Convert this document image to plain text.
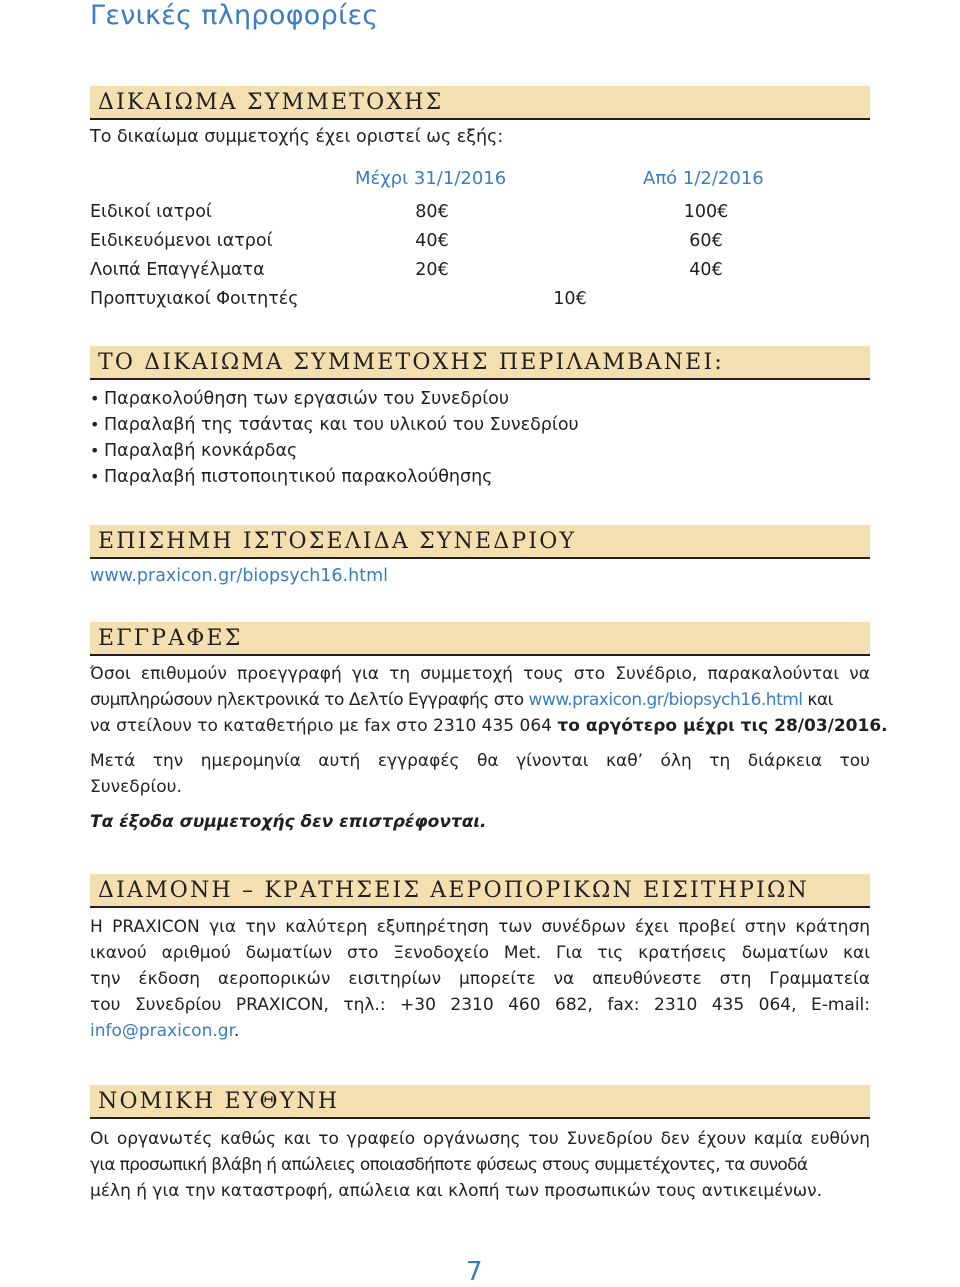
Γενικές πληροφορίες
ΔΙΚΑΙΩΜΑ ΣΥΜΜΕΤΟΧΗΣ
Το δικαίωμα συμμετοχής έχει οριστεί ως εξής:
Μέχρι 31/1/2016	Από 1/2/2016
Ειδικοί ιατροί	80€	100€
Ειδικευόμενοι ιατροί	40€	60€
Λοιπά Επαγγέλματα	20€	40€
Προπτυχιακοί Φοιτητές	10€
ΤΟ ΔΙΚΑΙΩΜΑ ΣΥΜΜΕΤΟΧΗΣ ΠΕΡΙΛΑΜΒΑΝΕΙ:
• Παρακολούθηση των εργασιών του Συνεδρίου
• Παραλαβή της τσάντας και του υλικού του Συνεδρίου
• Παραλαβή κονκάρδας
• Παραλαβή πιστοποιητικού παρακολούθησης
ΕΠΙΣΗΜΗ ΙΣΤΟΣΕΛΙΔΑ ΣΥΝΕΔΡΙΟΥ
www.praxicon.gr/biopsych16.html
ΕΓΓΡΑΦΕΣ
Όσοι επιθυμούν προεγγραφή για τη συμμετοχή τους στο Συνέδριο, παρακαλούνται να
συμπληρώσουν ηλεκτρονικά το Δελτίο Εγγραφής στο www.praxicon.gr/biopsych16.html και
να στείλουν το καταθετήριο με fax στο 2310 435 064 το αργότερο μέχρι τις 28/03/2016.
Μετά την ημερομηνία αυτή εγγραφές θα γίνονται καθ’ όλη τη διάρκεια του
Συνεδρίου.
Τα έξοδα συμμετοχής δεν επιστρέφονται.
ΔΙΑΜΟΝΗ – ΚΡΑΤΗΣΕΙΣ ΑΕΡΟΠΟΡΙΚΩΝ ΕΙΣΙΤΗΡΙΩΝ
Η PRAXICON για την καλύτερη εξυπηρέτηση των συνέδρων έχει προβεί στην κράτηση
ικανού αριθμού δωματίων στο Ξενοδοχείο Met. Για τις κρατήσεις δωματίων και
την έκδοση αεροπορικών εισιτηρίων μπορείτε να απευθύνεστε στη Γραμματεία
του Συνεδρίου PRAXICON, τηλ.: +30 2310 460 682, fax: 2310 435 064, E-mail:
info@praxicon.gr.
ΝΟΜΙΚΗ ΕΥΘΥΝΗ
Οι οργανωτές καθώς και το γραφείο οργάνωσης του Συνεδρίου δεν έχουν καμία ευθύνη
για προσωπική βλάβη ή απώλειες οποιασδήποτε φύσεως στους συμμετέχοντες, τα συνοδά
μέλη ή για την καταστροφή, απώλεια και κλοπή των προσωπικών τους αντικειμένων.
7
